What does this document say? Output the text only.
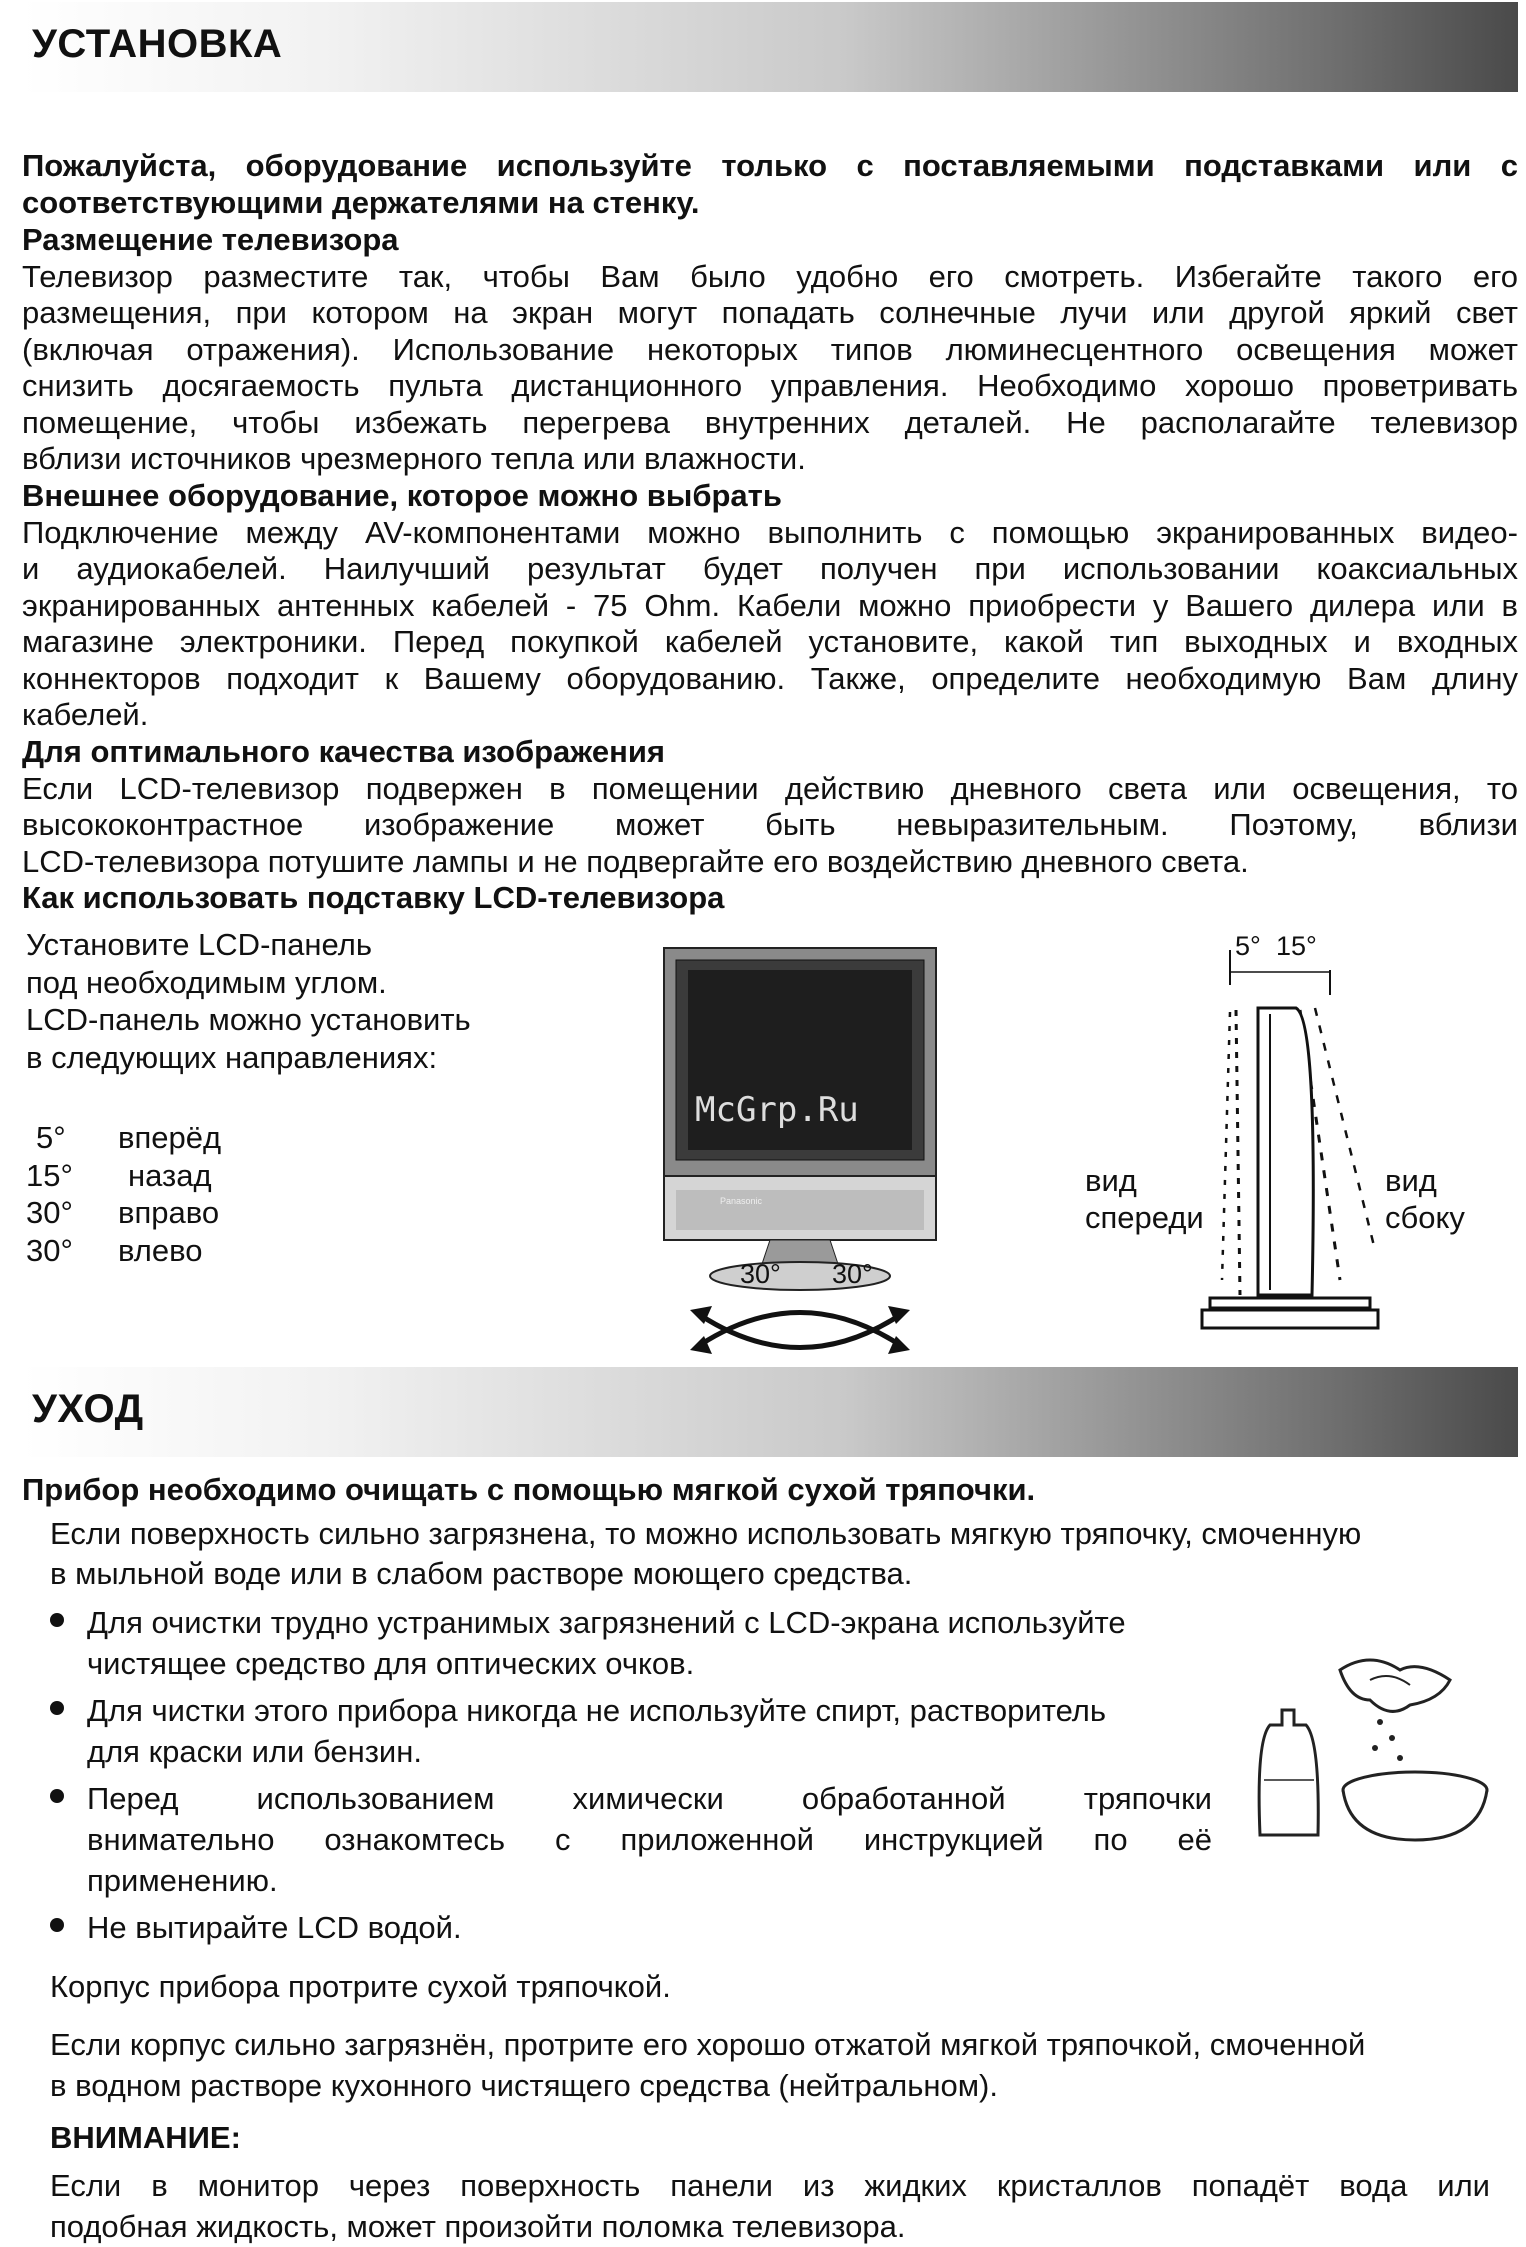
УСТАНОВКА
Пожалуйста, оборудование используйте только с поставляемыми подставками или с
соответствующими держателями на стенку.
Размещение телевизора
Телевизор разместите так, чтобы Вам было удобно его смотреть. Избегайте такого его
размещения, при котором на экран могут попадать солнечные лучи или другой яркий свет
(включая отражения). Использование некоторых типов люминесцентного освещения может
снизить досягаемость пульта дистанционного управления. Необходимо хорошо проветривать
помещение, чтобы избежать перегрева внутренних деталей. Не располагайте телевизор
вблизи источников чрезмерного тепла или влажности.
Внешнее оборудование, которое можно выбрать
Подключение между AV-компонентами можно выполнить с помощью экранированных видео-
и аудиокабелей. Наилучший результат будет получен при использовании коаксиальных
экранированных антенных кабелей - 75 Ohm. Кабели можно приобрести у Вашего дилера или в
магазине электроники. Перед покупкой кабелей установите, какой тип выходных и входных
коннекторов подходит к Вашему оборудованию. Также, определите необходимую Вам длину
кабелей.
Для оптимального качества изображения
Если LCD-телевизор подвержен в помещении действию дневного света или освещения, то
высококонтрастное изображение может быть невыразительным. Поэтому, вблизи
LCD-телевизора потушите лампы и не подвергайте его воздействию дневного света.
Как использовать подставку LCD-телевизора
Установите LCD-панель
под необходимым углом.
LCD-панель можно установить
в следующих направлениях:
5° вперёд
15° назад
30° вправо
30° влево
Panasonic
McGrp.Ru
30° 30°
5° 15°
вид
спереди
вид
сбоку
УХОД
Прибор необходимо очищать с помощью мягкой сухой тряпочки.
Если поверхность сильно загрязнена, то можно использовать мягкую тряпочку, смоченную
в мыльной воде или в слабом растворе моющего средства.
Для очистки трудно устранимых загрязнений с LCD-экрана используйте
чистящее средство для оптических очков.
Для чистки этого прибора никогда не используйте спирт, растворитель
для краски или бензин.
Перед использованием химически обработанной тряпочки
внимательно ознакомтесь с приложенной инструкцией по её
применению.
Не вытирайте LCD водой.
Корпус прибора протрите сухой тряпочкой.
Если корпус сильно загрязнён, протрите его хорошо отжатой мягкой тряпочкой, смоченной
в водном растворе кухонного чистящего средства (нейтральном).
ВНИМАНИЕ:
Если в монитор через поверхность панели из жидких кристаллов попадёт вода или
подобная жидкость, может произойти поломка телевизора.
